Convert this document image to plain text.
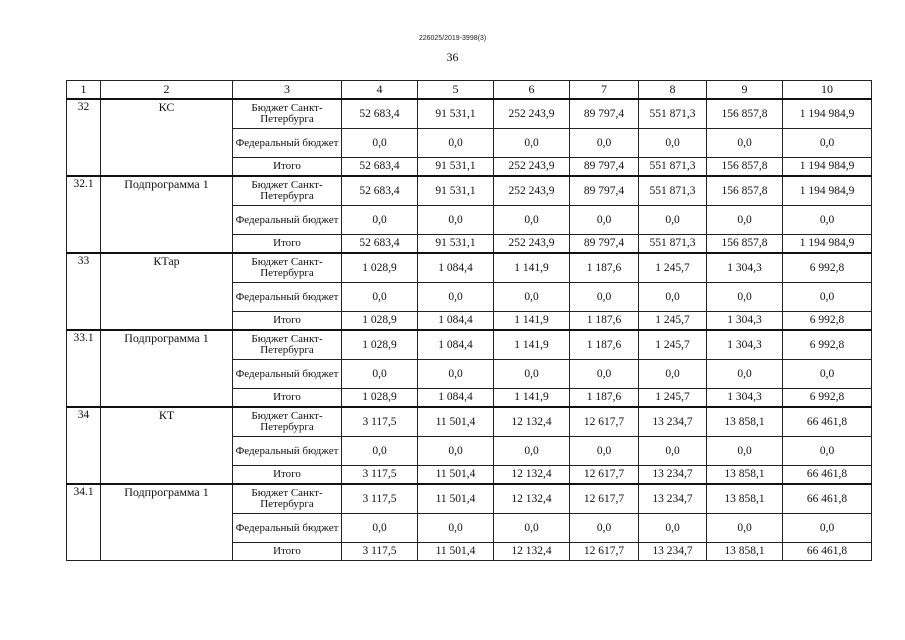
226025/2019-3998(3)
36
1	2	3	4	5	6	7	8	9	10
32	КС	Бюджет Санкт-Петербурга	52 683,4	91 531,1	252 243,9	89 797,4	551 871,3	156 857,8	1 194 984,9
		Федеральный бюджет	0,0	0,0	0,0	0,0	0,0	0,0	0,0
		Итого	52 683,4	91 531,1	252 243,9	89 797,4	551 871,3	156 857,8	1 194 984,9
32.1	Подпрограмма 1	Бюджет Санкт-Петербурга	52 683,4	91 531,1	252 243,9	89 797,4	551 871,3	156 857,8	1 194 984,9
		Федеральный бюджет	0,0	0,0	0,0	0,0	0,0	0,0	0,0
		Итого	52 683,4	91 531,1	252 243,9	89 797,4	551 871,3	156 857,8	1 194 984,9
33	КТар	Бюджет Санкт-Петербурга	1 028,9	1 084,4	1 141,9	1 187,6	1 245,7	1 304,3	6 992,8
		Федеральный бюджет	0,0	0,0	0,0	0,0	0,0	0,0	0,0
		Итого	1 028,9	1 084,4	1 141,9	1 187,6	1 245,7	1 304,3	6 992,8
33.1	Подпрограмма 1	Бюджет Санкт-Петербурга	1 028,9	1 084,4	1 141,9	1 187,6	1 245,7	1 304,3	6 992,8
		Федеральный бюджет	0,0	0,0	0,0	0,0	0,0	0,0	0,0
		Итого	1 028,9	1 084,4	1 141,9	1 187,6	1 245,7	1 304,3	6 992,8
34	КТ	Бюджет Санкт-Петербурга	3 117,5	11 501,4	12 132,4	12 617,7	13 234,7	13 858,1	66 461,8
		Федеральный бюджет	0,0	0,0	0,0	0,0	0,0	0,0	0,0
		Итого	3 117,5	11 501,4	12 132,4	12 617,7	13 234,7	13 858,1	66 461,8
34.1	Подпрограмма 1	Бюджет Санкт-Петербурга	3 117,5	11 501,4	12 132,4	12 617,7	13 234,7	13 858,1	66 461,8
		Федеральный бюджет	0,0	0,0	0,0	0,0	0,0	0,0	0,0
		Итого	3 117,5	11 501,4	12 132,4	12 617,7	13 234,7	13 858,1	66 461,8
